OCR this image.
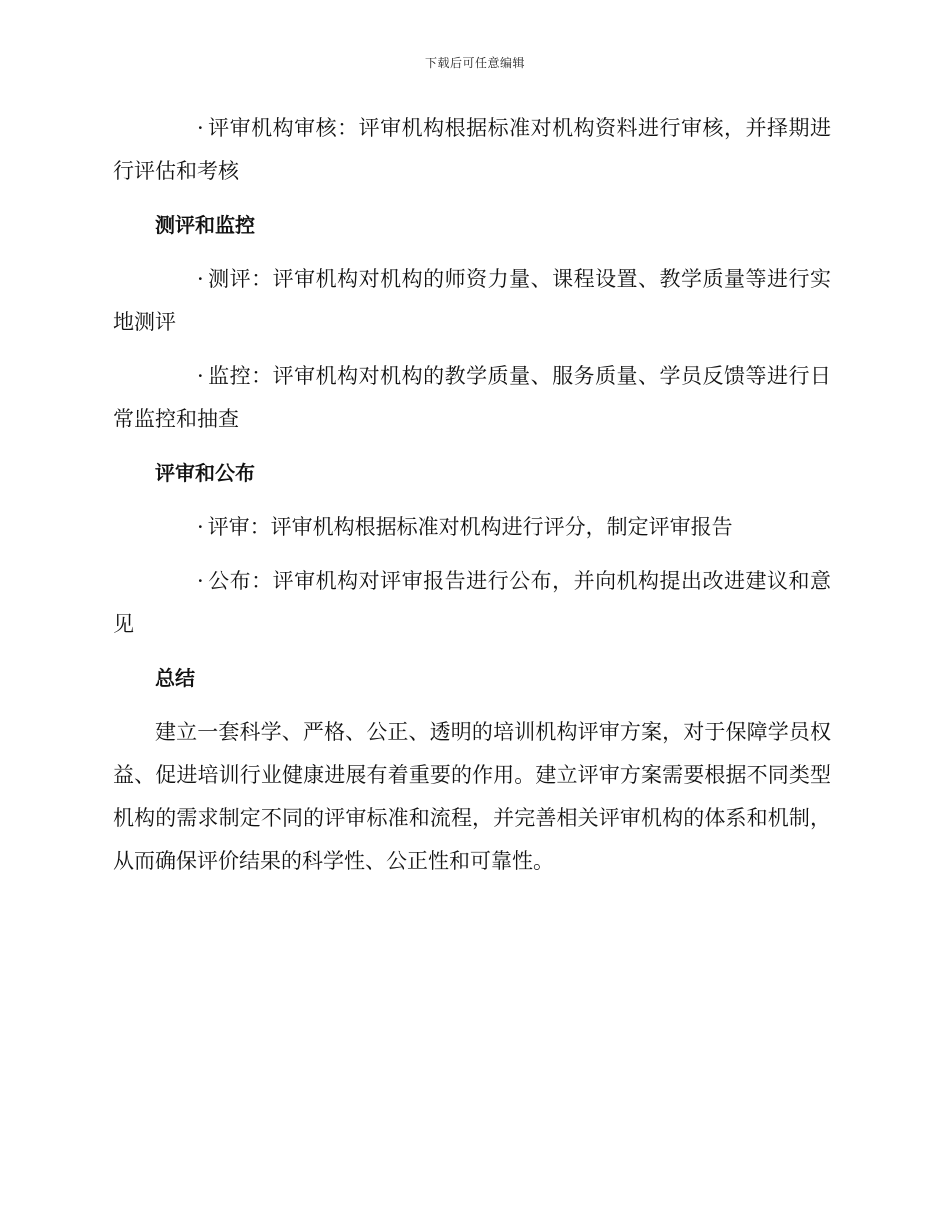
下载后可任意编辑

· 评审机构审核：评审机构根据标准对机构资料进行审核，并择期进行评估和考核

测评和监控

· 测评：评审机构对机构的师资力量、课程设置、教学质量等进行实地测评

· 监控：评审机构对机构的教学质量、服务质量、学员反馈等进行日常监控和抽查

评审和公布

· 评审：评审机构根据标准对机构进行评分，制定评审报告

· 公布：评审机构对评审报告进行公布，并向机构提出改进建议和意见

总结

建立一套科学、严格、公正、透明的培训机构评审方案，对于保障学员权益、促进培训行业健康进展有着重要的作用。建立评审方案需要根据不同类型机构的需求制定不同的评审标准和流程，并完善相关评审机构的体系和机制，从而确保评价结果的科学性、公正性和可靠性。
